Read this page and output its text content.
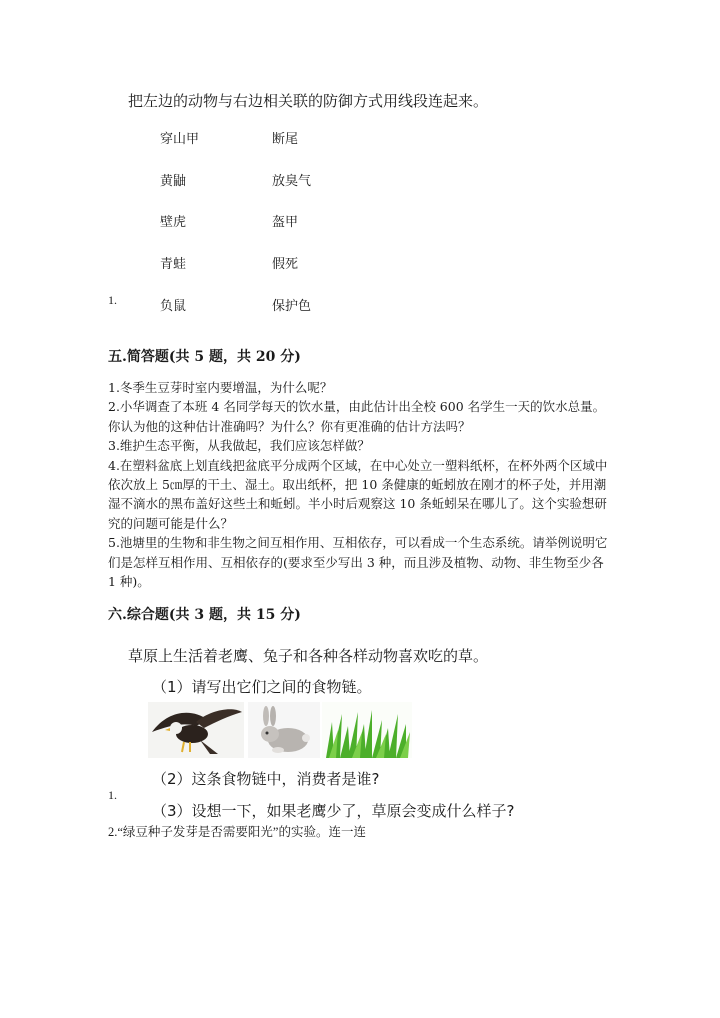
把左边的动物与右边相关联的防御方式用线段连起来。
穿山甲	断尾
黄鼬	放臭气
壁虎	盔甲
青蛙	假死
1.	负鼠	保护色
五.简答题(共 5 题，共 20 分)

1.冬季生豆芽时室内要增温，为什么呢？

2.小华调查了本班 4 名同学每天的饮水量，由此估计出全校 600 名学生一天的饮水总量。你认为他的这种估计准确吗？为什么？你有更准确的估计方法吗？

3.维护生态平衡，从我做起，我们应该怎样做？

4.在塑料盆底上划直线把盆底平分成两个区域，在中心处立一塑料纸杯，在杯外两个区域中依次放上 5㎝厚的干土、湿土。取出纸杯，把 10 条健康的蚯蚓放在刚才的杯子处，并用潮湿不滴水的黑布盖好这些土和蚯蚓。半小时后观察这 10 条蚯蚓呆在哪儿了。这个实验想研究的问题可能是什么？

5.池塘里的生物和非生物之间互相作用、互相依存，可以看成一个生态系统。请举例说明它们是怎样互相作用、互相依存的(要求至少写出 3 种，而且涉及植物、动物、非生物至少各 1 种)。

六.综合题(共 3 题，共 15 分)
草原上生活着老鹰、兔子和各种各样动物喜欢吃的草。
（1）请写出它们之间的食物链。
（2）这条食物链中，消费者是谁?
1.
（3）设想一下，如果老鹰少了，草原会变成什么样子?
2.“绿豆种子发芽是否需要阳光”的实验。连一连
